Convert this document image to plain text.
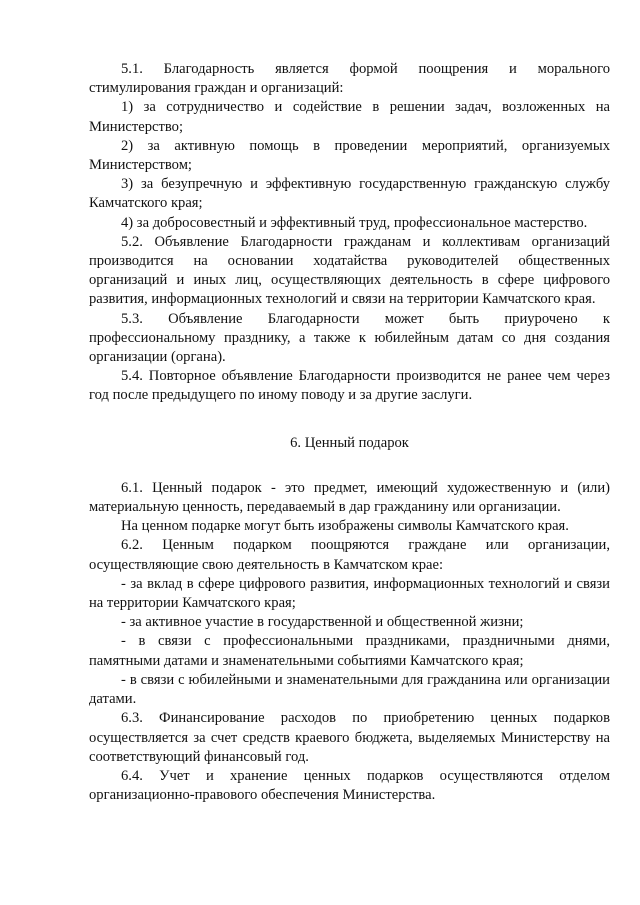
5.1. Благодарность является формой поощрения и морального стимулирования граждан и организаций:

1) за сотрудничество и содействие в решении задач, возложенных на Министерство;

2) за активную помощь в проведении мероприятий, организуемых Министерством;

3) за безупречную и эффективную государственную гражданскую службу Камчатского края;

4) за добросовестный и эффективный труд, профессиональное мастерство.

5.2. Объявление Благодарности гражданам и коллективам организаций производится на основании ходатайства руководителей общественных организаций и иных лиц, осуществляющих деятельность в сфере цифрового развития, информационных технологий и связи на территории Камчатского края.

5.3. Объявление Благодарности может быть приурочено к профессиональному празднику, а также к юбилейным датам со дня создания организации (органа).

5.4. Повторное объявление Благодарности производится не ранее чем через год после предыдущего по иному поводу и за другие заслуги.

6. Ценный подарок

6.1. Ценный подарок - это предмет, имеющий художественную и (или) материальную ценность, передаваемый в дар гражданину или организации.

На ценном подарке могут быть изображены символы Камчатского края.

6.2. Ценным подарком поощряются граждане или организации, осуществляющие свою деятельность в Камчатском крае:

- за вклад в сфере цифрового развития, информационных технологий и связи на территории Камчатского края;

- за активное участие в государственной и общественной жизни;

- в связи с профессиональными праздниками, праздничными днями, памятными датами и знаменательными событиями Камчатского края;

- в связи с юбилейными и знаменательными для гражданина или организации датами.

6.3. Финансирование расходов по приобретению ценных подарков осуществляется за счет средств краевого бюджета, выделяемых Министерству на соответствующий финансовый год.

6.4. Учет и хранение ценных подарков осуществляются отделом организационно-правового обеспечения Министерства.
